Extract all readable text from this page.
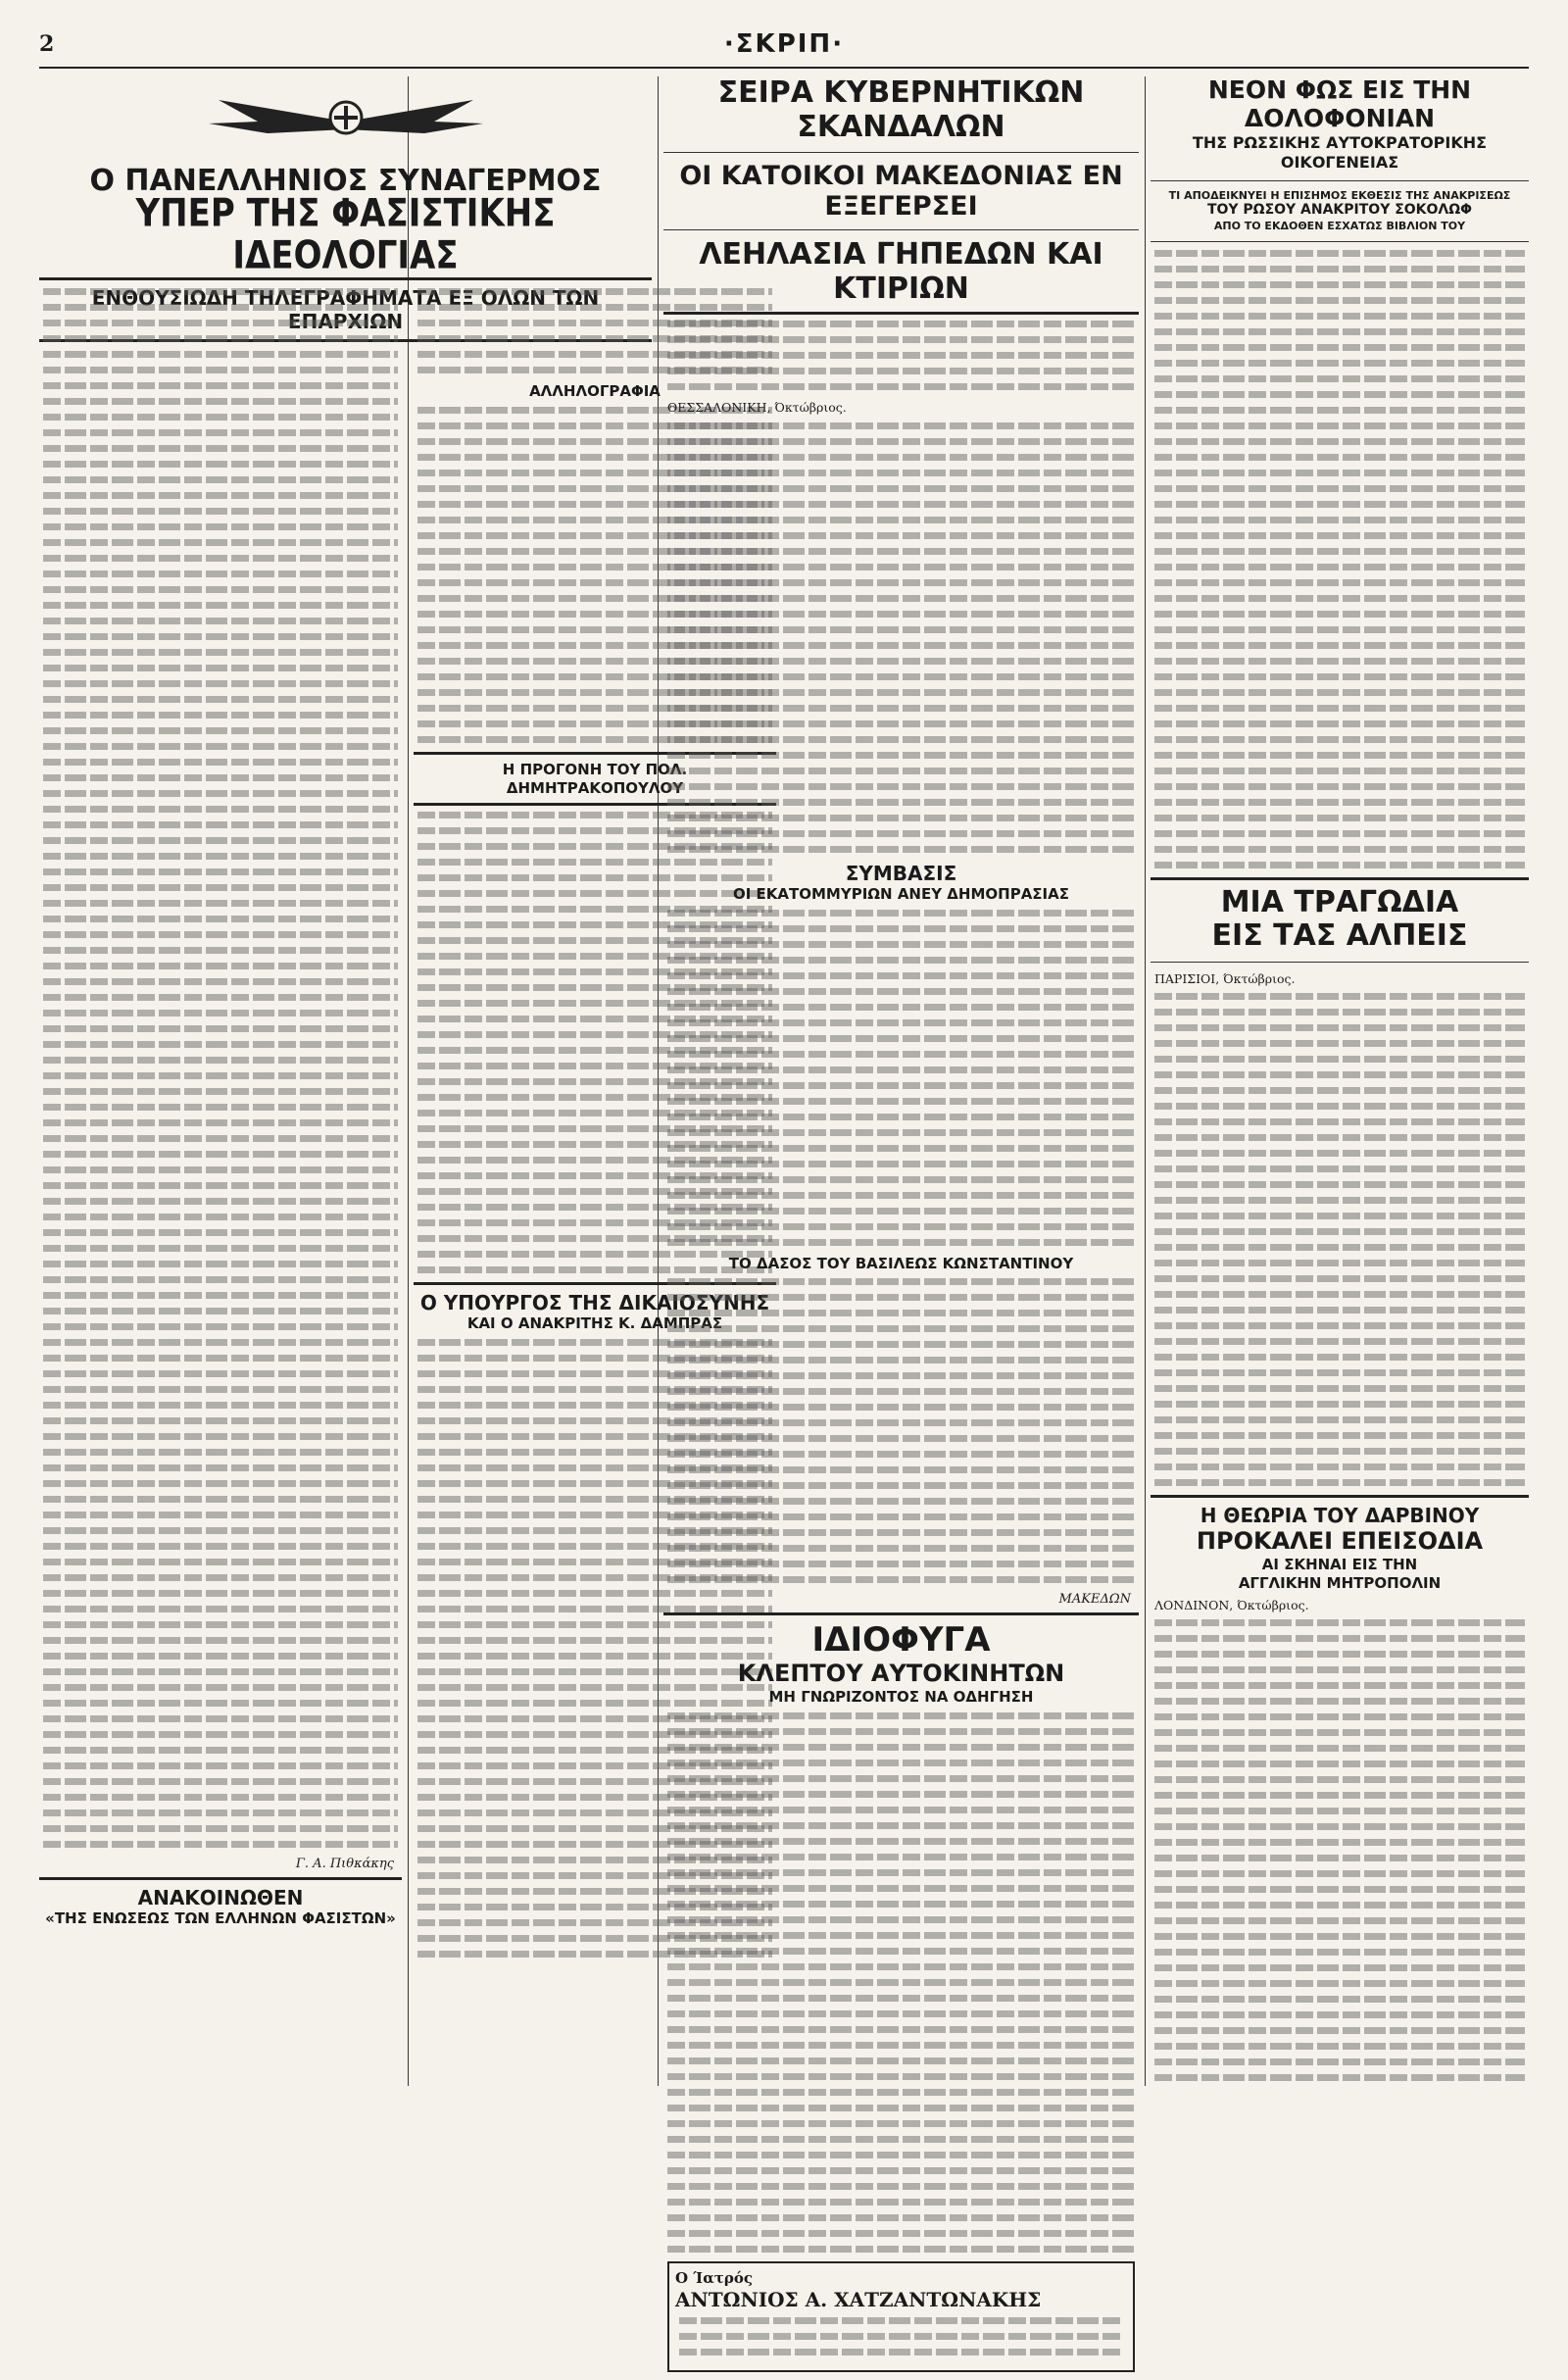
2	·ΣΚΡΙΠ·
Ο ΠΑΝΕΛΛΗΝΙΟΣ ΣΥΝΑΓΕΡΜΟΣ
ΥΠΕΡ ΤΗΣ ΦΑΣΙΣΤΙΚΗΣ ΙΔΕΟΛΟΓΙΑΣ
ΕΝΘΟΥΣΙΩΔΗ ΤΗΛΕΓΡΑΦΗΜΑΤΑ ΕΞ ΟΛΩΝ ΤΩΝ ΕΠΑΡΧΙΩΝ
Γ. Α. Πιθκάκης
ΑΝΑΚΟΙΝΩΘΕΝ
«ΤΗΣ ΕΝΩΣΕΩΣ ΤΩΝ ΕΛΛΗΝΩΝ ΦΑΣΙΣΤΩΝ»
ΑΛΛΗΛΟΓΡΑΦΙΑ
Η ΠΡΟΓΟΝΗ ΤΟΥ ΠΟΛ. ΔΗΜΗΤΡΑΚΟΠΟΥΛΟΥ
Ο ΥΠΟΥΡΓΟΣ ΤΗΣ ΔΙΚΑΙΟΣΥΝΗΣ
ΚΑΙ Ο ΑΝΑΚΡΙΤΗΣ Κ. ΔΑΜΠΡΑΣ
ΣΕΙΡΑ ΚΥΒΕΡΝΗΤΙΚΩΝ ΣΚΑΝΔΑΛΩΝ
ΟΙ ΚΑΤΟΙΚΟΙ ΜΑΚΕΔΟΝΙΑΣ ΕΝ ΕΞΕΓΕΡΣΕΙ
ΛΕΗΛΑΣΙΑ ΓΗΠΕΔΩΝ ΚΑΙ ΚΤΙΡΙΩΝ
ΘΕΣΣΑΛΟΝΙΚΗ, Όκτώβριος.
ΣΥΜΒΑΣΙΣ
ΟΙ ΕΚΑΤΟΜΜΥΡΙΩΝ ΑΝΕΥ ΔΗΜΟΠΡΑΣΙΑΣ
ΤΟ ΔΑΣΟΣ ΤΟΥ ΒΑΣΙΛΕΩΣ ΚΩΝΣΤΑΝΤΙΝΟΥ
ΜΑΚΕΔΩΝ
ΙΔΙΟΦΥΓΑ
ΚΛΕΠΤΟΥ ΑΥΤΟΚΙΝΗΤΩΝ
ΜΗ ΓΝΩΡΙΖΟΝΤΟΣ ΝΑ ΟΔΗΓΗΣΗ
Ο Ίατρός
ΑΝΤΩΝΙΟΣ Α. ΧΑΤΖΑΝΤΩΝΑΚΗΣ
ΝΕΟΝ ΦΩΣ ΕΙΣ ΤΗΝ ΔΟΛΟΦΟΝΙΑΝ
ΤΗΣ ΡΩΣΣΙΚΗΣ ΑΥΤΟΚΡΑΤΟΡΙΚΗΣ ΟΙΚΟΓΕΝΕΙΑΣ
ΤΙ ΑΠΟΔΕΙΚΝΥΕΙ Η ΕΠΙΣΗΜΟΣ ΕΚΘΕΣΙΣ ΤΗΣ ΑΝΑΚΡΙΣΕΩΣ
ΤΟΥ ΡΩΣΟΥ ΑΝΑΚΡΙΤΟΥ ΣΟΚΟΛΩΦ
ΑΠΟ ΤΟ ΕΚΔΟΘΕΝ ΕΣΧΑΤΩΣ ΒΙΒΛΙΟΝ ΤΟΥ
ΜΙΑ ΤΡΑΓΩΔΙΑ
ΕΙΣ ΤΑΣ ΑΛΠΕΙΣ
ΠΑΡΙΣΙΟΙ, Όκτώβριος.
Η ΘΕΩΡΙΑ ΤΟΥ ΔΑΡΒΙΝΟΥ
ΠΡΟΚΑΛΕΙ ΕΠΕΙΣΟΔΙΑ
ΑΙ ΣΚΗΝΑΙ ΕΙΣ ΤΗΝ
ΑΓΓΛΙΚΗΝ ΜΗΤΡΟΠΟΛΙΝ
ΛΟΝΔΙΝΟΝ, Όκτώβριος.
